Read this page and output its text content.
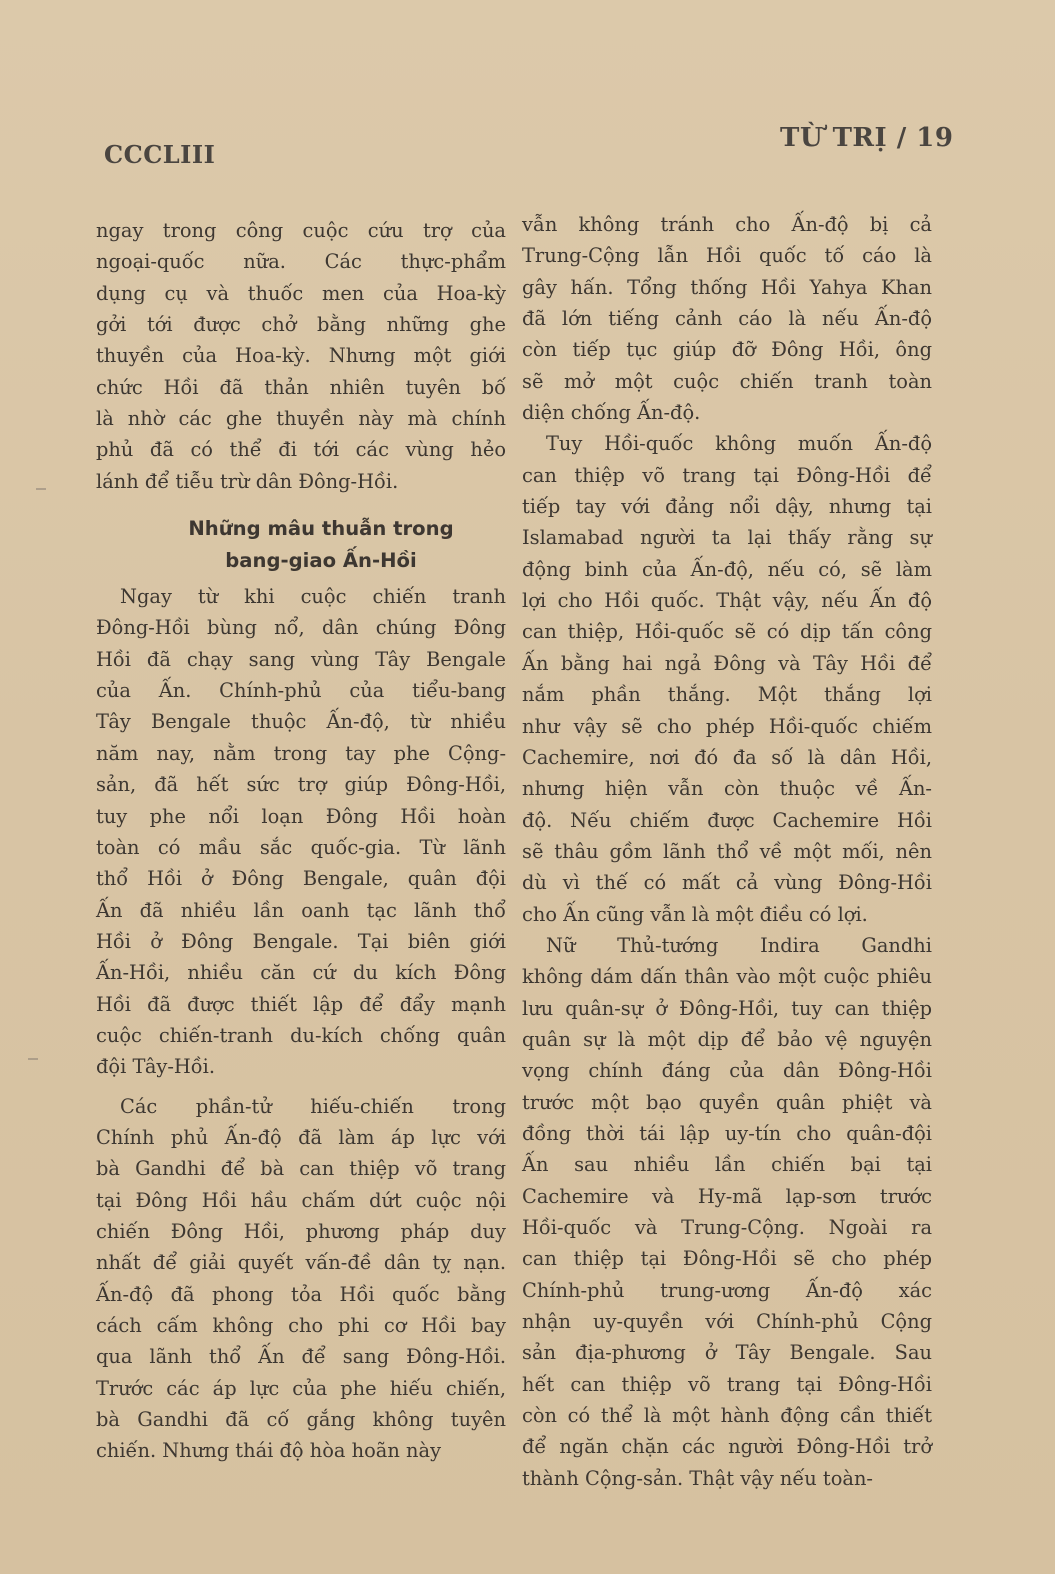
CCCLIII
TỪ TRỊ / 19

ngay trong công cuộc cứu trợ của
ngoại-quốc nữa. Các thực-phẩm
dụng cụ và thuốc men của Hoa-kỳ
gởi tới được chở bằng những ghe
thuyền của Hoa-kỳ. Nhưng một giới
chức Hồi đã thản nhiên tuyên bố
là nhờ các ghe thuyền này mà chính
phủ đã có thể đi tới các vùng hẻo
lánh để tiễu trừ dân Đông-Hồi.

Những mâu thuẫn trong
bang-giao Ấn-Hồi

Ngay từ khi cuộc chiến tranh
Đông-Hồi bùng nổ, dân chúng Đông
Hồi đã chạy sang vùng Tây Bengale
của Ấn. Chính-phủ của tiểu-bang
Tây Bengale thuộc Ấn-độ, từ nhiều
năm nay, nằm trong tay phe Cộng-
sản, đã hết sức trợ giúp Đông-Hồi,
tuy phe nổi loạn Đông Hồi hoàn
toàn có mầu sắc quốc-gia. Từ lãnh
thổ Hồi ở Đông Bengale, quân đội
Ấn đã nhiều lần oanh tạc lãnh thổ
Hồi ở Đông Bengale. Tại biên giới
Ấn-Hồi, nhiều căn cứ du kích Đông
Hồi đã được thiết lập để đẩy mạnh
cuộc chiến-tranh du-kích chống quân
đội Tây-Hồi.

Các phần-tử hiếu-chiến trong
Chính phủ Ấn-độ đã làm áp lực với
bà Gandhi để bà can thiệp võ trang
tại Đông Hồi hầu chấm dứt cuộc nội
chiến Đông Hồi, phương pháp duy
nhất để giải quyết vấn-đề dân tỵ nạn.
Ấn-độ đã phong tỏa Hồi quốc bằng
cách cấm không cho phi cơ Hồi bay
qua lãnh thổ Ấn để sang Đông-Hồi.
Trước các áp lực của phe hiếu chiến,
bà Gandhi đã cố gắng không tuyên
chiến. Nhưng thái độ hòa hoãn này

vẫn không tránh cho Ấn-độ bị cả
Trung-Cộng lẫn Hồi quốc tố cáo là
gây hấn. Tổng thống Hồi Yahya Khan
đã lớn tiếng cảnh cáo là nếu Ấn-độ
còn tiếp tục giúp đỡ Đông Hồi, ông
sẽ mở một cuộc chiến tranh toàn
diện chống Ấn-độ.

Tuy Hồi-quốc không muốn Ấn-độ
can thiệp võ trang tại Đông-Hồi để
tiếp tay với đảng nổi dậy, nhưng tại
Islamabad người ta lại thấy rằng sự
động binh của Ấn-độ, nếu có, sẽ làm
lợi cho Hồi quốc. Thật vậy, nếu Ấn độ
can thiệp, Hồi-quốc sẽ có dịp tấn công
Ấn bằng hai ngả Đông và Tây Hồi để
nắm phần thắng. Một thắng lợi
như vậy sẽ cho phép Hồi-quốc chiếm
Cachemire, nơi đó đa số là dân Hồi,
nhưng hiện vẫn còn thuộc về Ấn-
độ. Nếu chiếm được Cachemire Hồi
sẽ thâu gồm lãnh thổ về một mối, nên
dù vì thế có mất cả vùng Đông-Hồi
cho Ấn cũng vẫn là một điều có lợi.

Nữ Thủ-tướng Indira Gandhi
không dám dấn thân vào một cuộc phiêu
lưu quân-sự ở Đông-Hồi, tuy can thiệp
quân sự là một dịp để bảo vệ nguyện
vọng chính đáng của dân Đông-Hồi
trước một bạo quyền quân phiệt và
đồng thời tái lập uy-tín cho quân-đội
Ấn sau nhiều lần chiến bại tại
Cachemire và Hy-mã lạp-sơn trước
Hồi-quốc và Trung-Cộng. Ngoài ra
can thiệp tại Đông-Hồi sẽ cho phép
Chính-phủ trung-ương Ấn-độ xác
nhận uy-quyền với Chính-phủ Cộng
sản địa-phương ở Tây Bengale. Sau
hết can thiệp võ trang tại Đông-Hồi
còn có thể là một hành động cần thiết
để ngăn chặn các người Đông-Hồi trở
thành Cộng-sản. Thật vậy nếu toàn-
